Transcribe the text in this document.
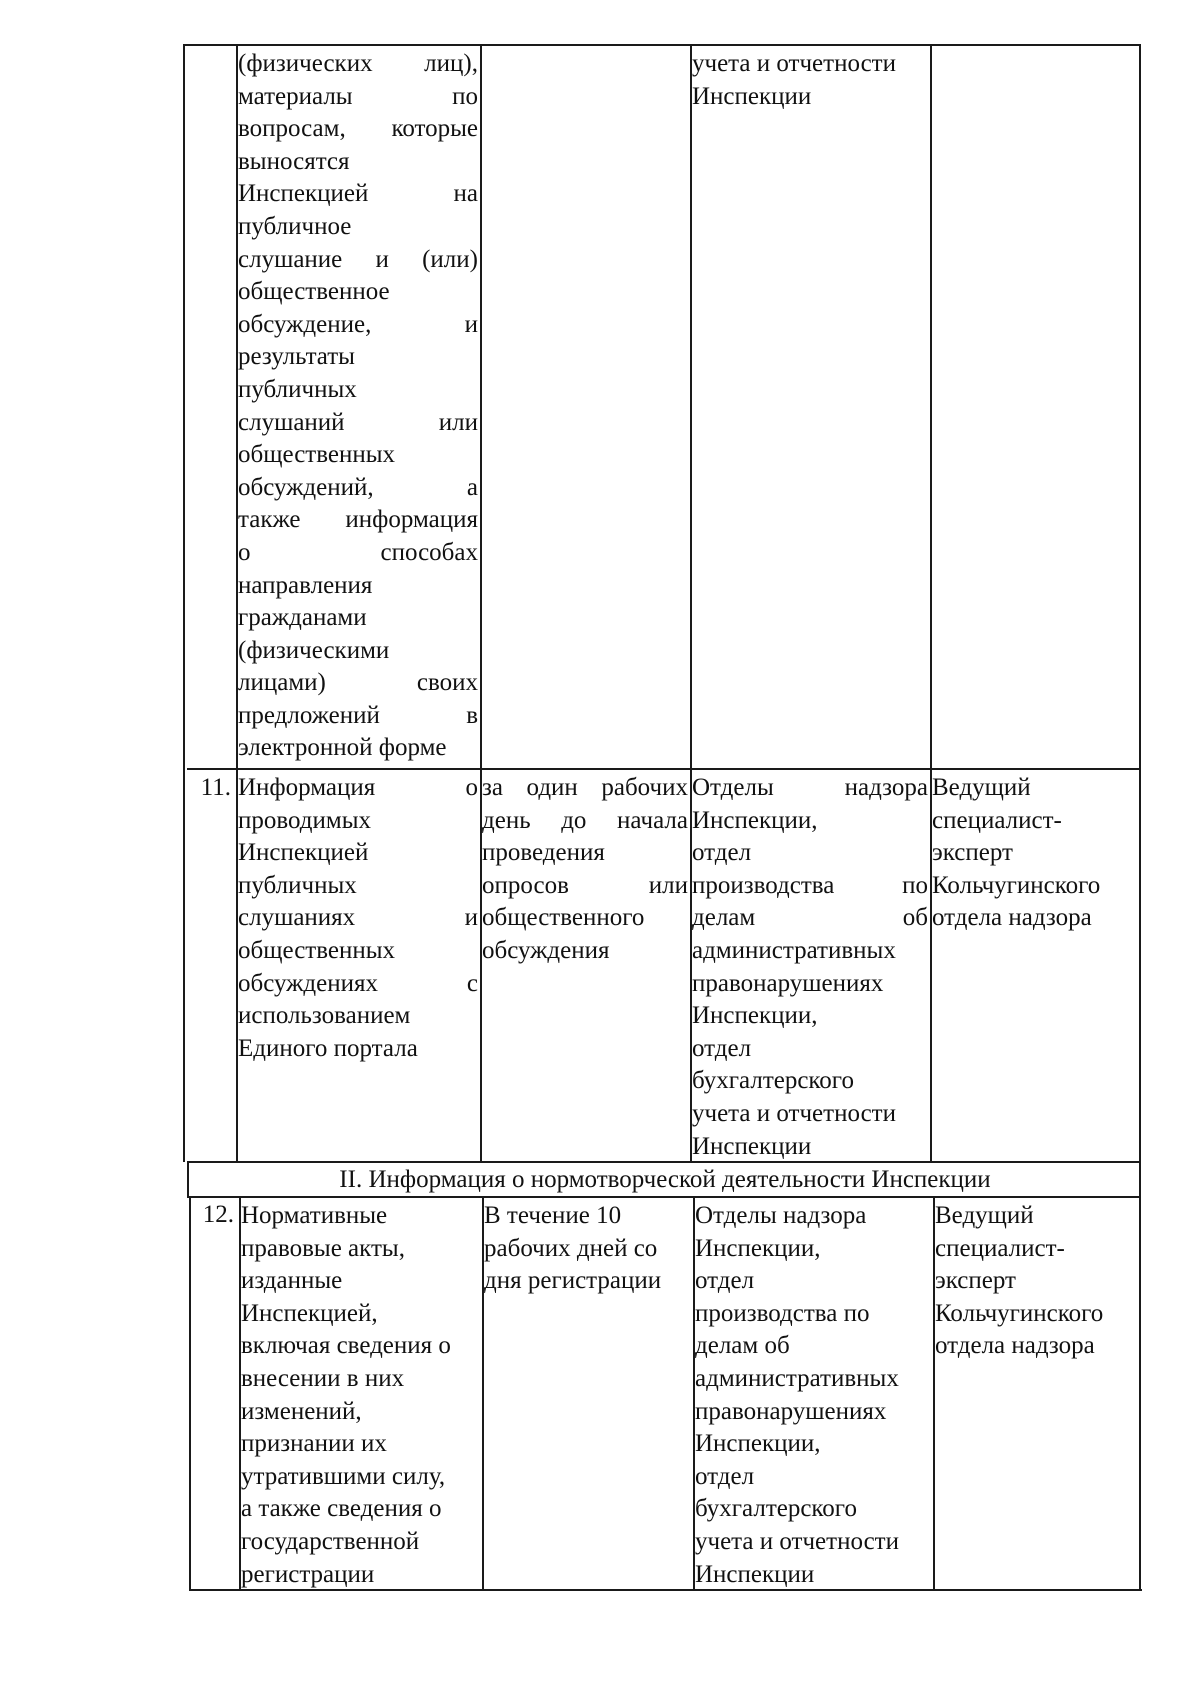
(физических лиц),
материалы по
вопросам, которые
выносятся
Инспекцией на
публичное
слушание и (или)
общественное
обсуждение, и
результаты
публичных
слушаний или
общественных
обсуждений, а
также информация
о способах
направления
гражданами
(физическими
лицами) своих
предложений в
электронной форме
учета и отчетности
Инспекции
11. Информация о
проводимых
Инспекцией
публичных
слушаниях и
общественных
обсуждениях с
использованием
Единого портала
за один рабочих
день до начала
проведения
опросов или
общественного
обсуждения
Отделы надзора
Инспекции,
отдел
производства по
делам об
административных
правонарушениях
Инспекции,
отдел
бухгалтерского
учета и отчетности
Инспекции
Ведущий
специалист-
эксперт
Кольчугинского
отдела надзора
II. Информация о нормотворческой деятельности Инспекции
12. Нормативные
правовые акты,
изданные
Инспекцией,
включая сведения о
внесении в них
изменений,
признании их
утратившими силу,
а также сведения о
государственной
регистрации
В течение 10
рабочих дней со
дня регистрации
Отделы надзора
Инспекции,
отдел
производства по
делам об
административных
правонарушениях
Инспекции,
отдел
бухгалтерского
учета и отчетности
Инспекции
Ведущий
специалист-
эксперт
Кольчугинского
отдела надзора
